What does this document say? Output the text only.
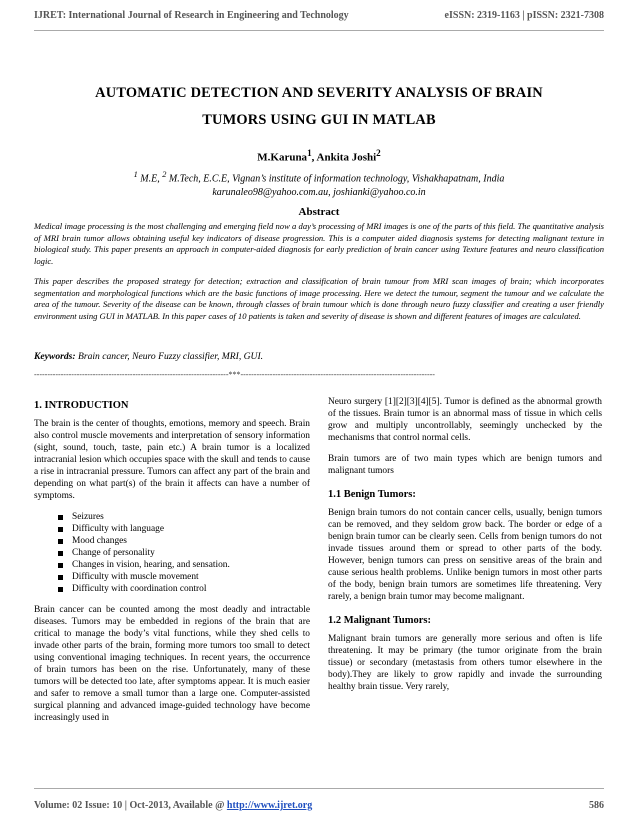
IJRET: International Journal of Research in Engineering and Technology	eISSN: 2319-1163 | pISSN: 2321-7308
AUTOMATIC DETECTION AND SEVERITY ANALYSIS OF BRAIN
TUMORS USING GUI IN MATLAB
M.Karuna$^1$, Ankita Joshi$^2$
$^1$ M.E, $^2$ M.Tech, E.C.E, Vignan’s institute of information technology, Vishakhapatnam, India
karunaleo98@yahoo.com.au, joshianki@yahoo.co.in
Abstract

Medical image processing is the most challenging and emerging field now a day’s processing of MRI images is one of the parts of this field. The quantitative analysis of MRI brain tumor allows obtaining useful key indicators of disease progression. This is a computer aided diagnosis systems for detecting malignant texture in biological study. This paper presents an approach in computer-aided diagnosis for early prediction of brain cancer using Texture features and neuro classification logic.

This paper describes the proposed strategy for detection; extraction and classification of brain tumour from MRI scan images of brain; which incorporates segmentation and morphological functions which are the basic functions of image processing. Here we detect the tumour, segment the tumour and we calculate the area of the tumour. Severity of the disease can be known, through classes of brain tumour which is done through neuro fuzzy classifier and creating a user friendly environment using GUI in MATLAB. In this paper cases of 10 patients is taken and severity of disease is shown and different features of images are calculated.

Keywords: Brain cancer, Neuro Fuzzy classifier, MRI, GUI.
-------------------------------------------------------------------------***-------------------------------------------------------------------------
1. INTRODUCTION

The brain is the center of thoughts, emotions, memory and speech. Brain also control muscle movements and interpretation of sensory information (sight, sound, touch, taste, pain etc.) A brain tumor is a localized intracranial lesion which occupies space with the skull and tends to cause a rise in intracranial pressure. Tumors can affect any part of the brain and depending on what part(s) of the brain it affects can have a number of symptoms.

Seizures
Difficulty with language
Mood changes
Change of personality
Changes in vision, hearing, and sensation.
Difficulty with muscle movement
Difficulty with coordination control

Brain cancer can be counted among the most deadly and intractable diseases. Tumors may be embedded in regions of the brain that are critical to manage the body’s vital functions, while they shed cells to invade other parts of the brain, forming more tumors too small to detect using conventional imaging techniques. In recent years, the occurrence of brain tumors has been on the rise. Unfortunately, many of these tumors will be detected too late, after symptoms appear. It is much easier and safer to remove a small tumor than a large one. Computer-assisted surgical planning and advanced image-guided technology have become increasingly used in

Neuro surgery [1][2][3][4][5]. Tumor is defined as the abnormal growth of the tissues. Brain tumor is an abnormal mass of tissue in which cells grow and multiply uncontrollably, seemingly unchecked by the mechanisms that control normal cells.

Brain tumors are of two main types which are benign tumors and malignant tumors

1.1 Benign Tumors:

Benign brain tumors do not contain cancer cells, usually, benign tumors can be removed, and they seldom grow back. The border or edge of a benign brain tumor can be clearly seen. Cells from benign tumors do not invade tissues around them or spread to other parts of the body. However, benign tumors can press on sensitive areas of the brain and cause serious health problems. Unlike benign tumors in most other parts of the body, benign brain tumors are sometimes life threatening. Very rarely, a benign brain tumor may become malignant.

1.2 Malignant Tumors:

Malignant brain tumors are generally more serious and often is life threatening. It may be primary (the tumor originate from the brain tissue) or secondary (metastasis from others tumor elsewhere in the body).They are likely to grow rapidly and invade the surrounding healthy brain tissue. Very rarely,

Volume: 02 Issue: 10 | Oct-2013, Available @ http://www.ijret.org	586
